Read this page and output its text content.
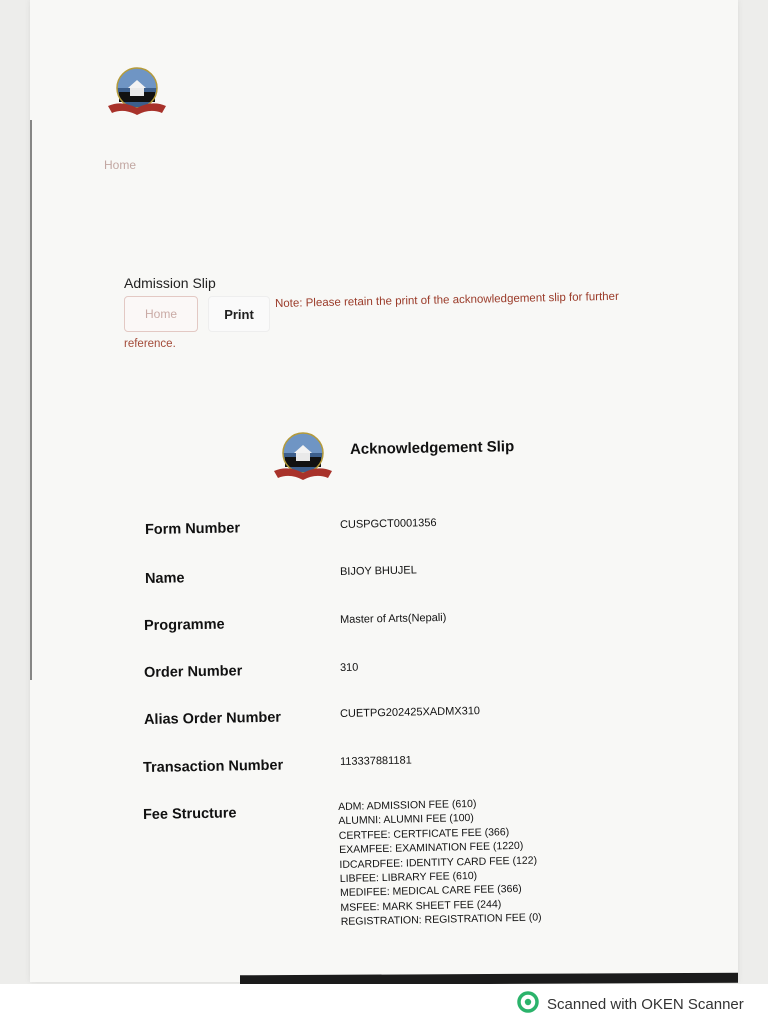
Home
Admission Slip
Home	Print
Note: Please retain the print of the acknowledgement slip for further
reference.
Acknowledgement Slip
Form Number	CUSPGCT0001356
Name	BIJOY BHUJEL
Programme	Master of Arts(Nepali)
Order Number	310
Alias Order Number	CUETPG202425XADMX310
Transaction Number	113337881181
Fee Structure	ADM: ADMISSION FEE (610)
ALUMNI: ALUMNI FEE (100)
CERTFEE: CERTFICATE FEE (366)
EXAMFEE: EXAMINATION FEE (1220)
IDCARDFEE: IDENTITY CARD FEE (122)
LIBFEE: LIBRARY FEE (610)
MEDIFEE: MEDICAL CARE FEE (366)
MSFEE: MARK SHEET FEE (244)
REGISTRATION: REGISTRATION FEE (0)
Scanned with OKEN Scanner
